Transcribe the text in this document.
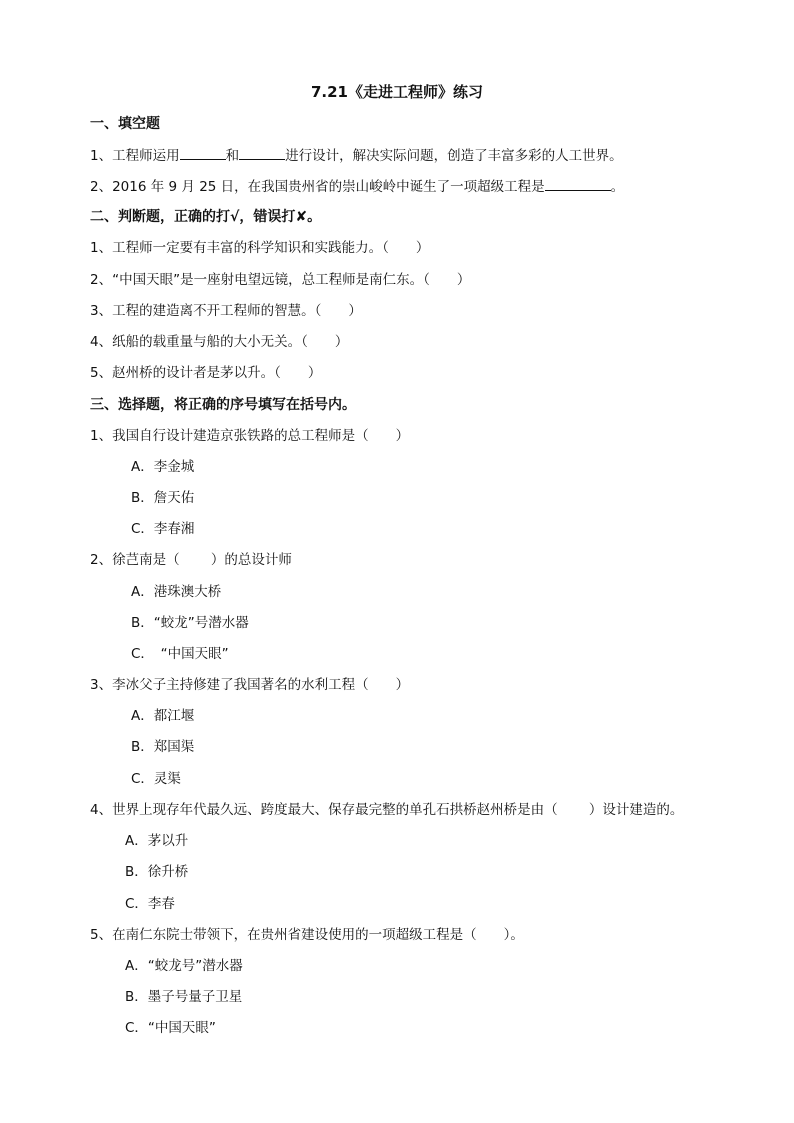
7.21《走进工程师》练习
一、填空题
1、工程师运用	和	进行设计，解决实际问题，创造了丰富多彩的人工世界。
2、2016 年 9 月 25 日，在我国贵州省的崇山峻岭中诞生了一项超级工程是	。
二、判断题，正确的打√，错误打✘。
1、工程师一定要有丰富的科学知识和实践能力。（　　）
2、“中国天眼”是一座射电望远镜，总工程师是南仁东。（　　）
3、工程的建造离不开工程师的智慧。（　　）
4、纸船的载重量与船的大小无关。（　　）
5、赵州桥的设计者是茅以升。（　　）
三、选择题，将正确的序号填写在括号内。
1、我国自行设计建造京张铁路的总工程师是（　　）
A．李金城
B．詹天佑
C．李春湘
2、徐芑南是（　　 ）的总设计师
A．港珠澳大桥
B．“蛟龙”号潜水器
C．　“中国天眼”
3、李冰父子主持修建了我国著名的水利工程（　　）
A．都江堰
B．郑国渠
C．灵渠
4、世界上现存年代最久远、跨度最大、保存最完整的单孔石拱桥赵州桥是由（　　 ）设计建造的。
A．茅以升
B．徐升桥
C．李春
5、在南仁东院士带领下，在贵州省建设使用的一项超级工程是（　　）。
A．“蛟龙号”潜水器
B．墨子号量子卫星
C．“中国天眼”
